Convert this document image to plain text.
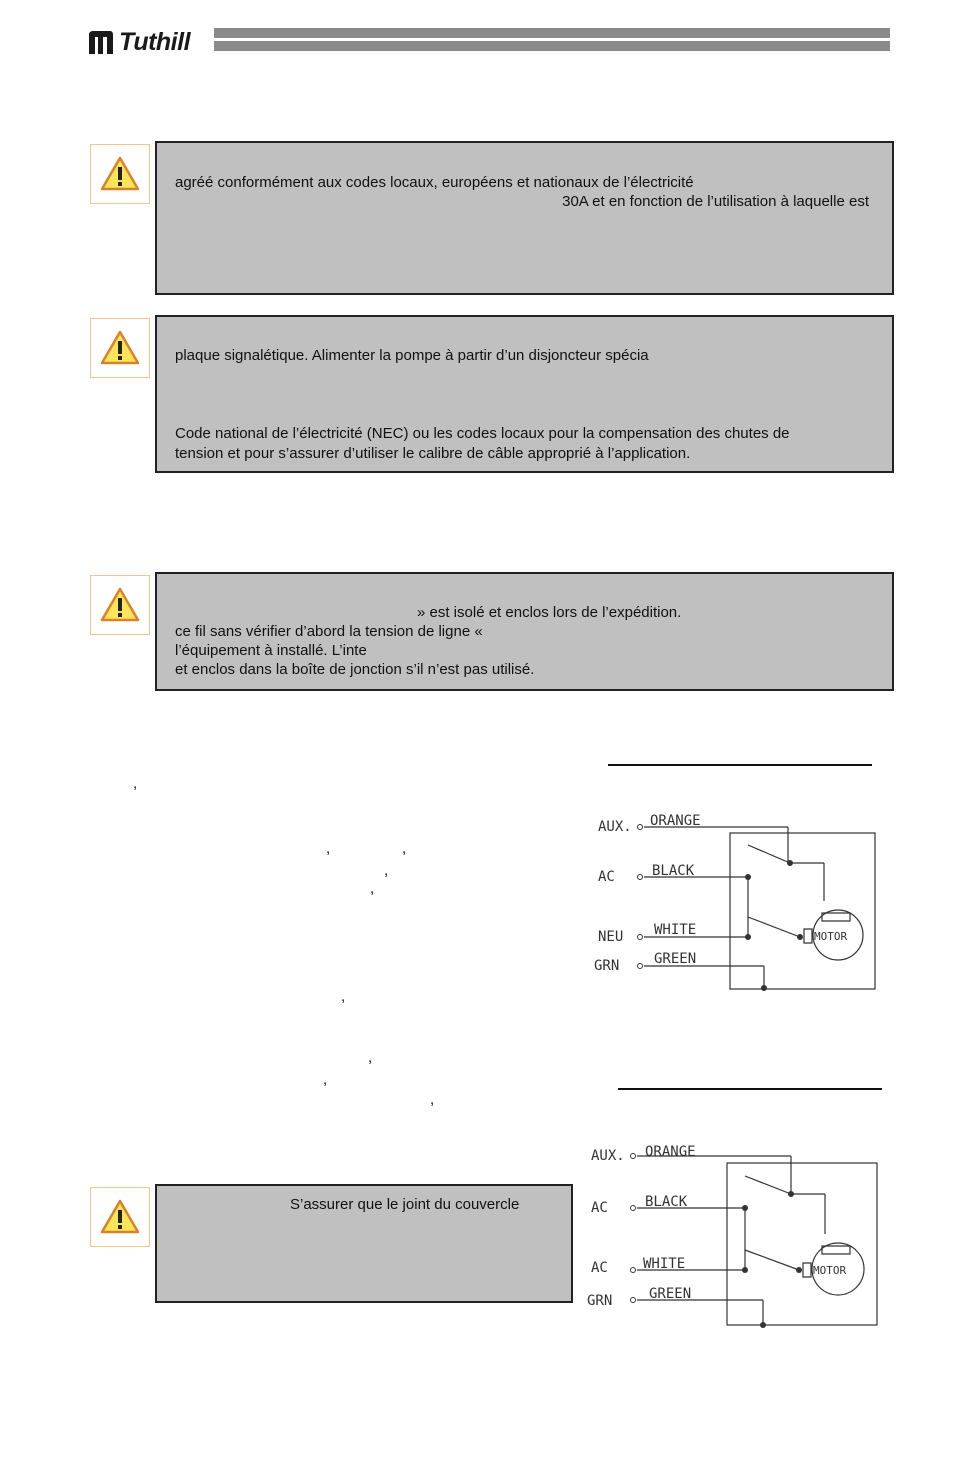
Tuthill
agréé conformément aux codes locaux, européens et nationaux de l’électricité
30A et en fonction de l’utilisation à laquelle est
plaque signalétique. Alimenter la pompe à partir d’un disjoncteur spécia
Code national de l’électricité (NEC) ou les codes locaux pour la compensation des chutes de
tension et pour s’assurer d’utiliser le calibre de câble approprié à l’application.
» est isolé et enclos lors de l’expédition.
ce fil sans vérifier d’abord la tension de ligne «
l’équipement à installé. L’inte
et enclos dans la boîte de jonction s’il n’est pas utilisé.
,
,	,
,
,
,
,
,
,
AUX.
AC
NEU
GRN
ORANGE
BLACK
WHITE
GREEN
MOTOR
AUX.
AC
AC
GRN
ORANGE
BLACK
WHITE
GREEN
MOTOR
S’assurer que le joint du couvercle
